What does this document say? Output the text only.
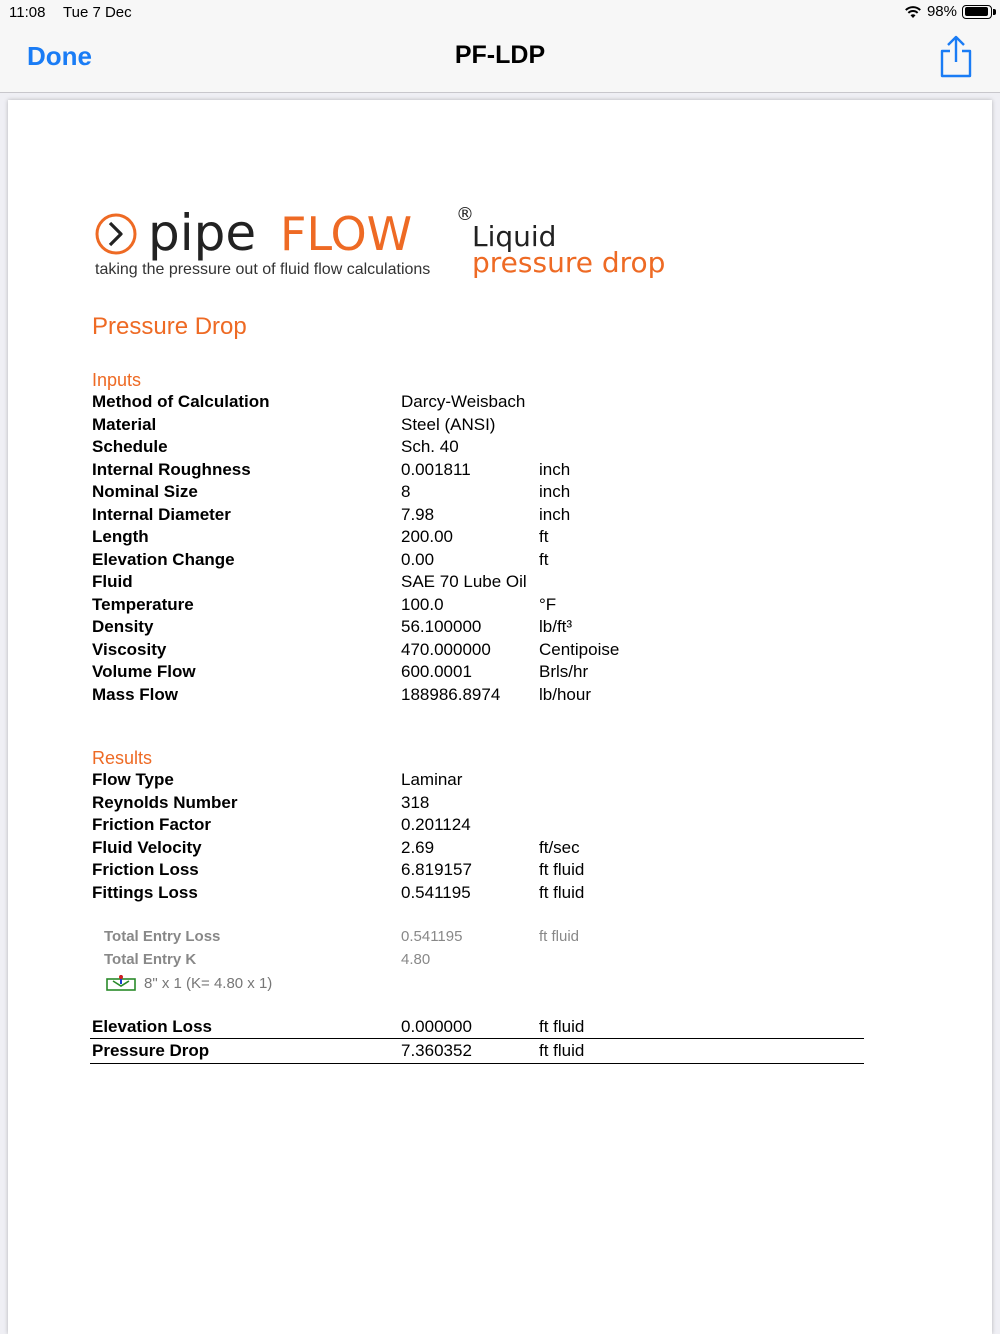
11:08 Tue 7 Dec	98%
Done	PF-LDP
pipe FLOW ®
Liquid
pressure drop
taking the pressure out of fluid flow calculations
Pressure Drop
Inputs
Method of Calculation	Darcy-Weisbach
Material	Steel (ANSI)
Schedule	Sch. 40
Internal Roughness	0.001811	inch
Nominal Size	8	inch
Internal Diameter	7.98	inch
Length	200.00	ft
Elevation Change	0.00	ft
Fluid	SAE 70 Lube Oil
Temperature	100.0	°F
Density	56.100000	lb/ft³
Viscosity	470.000000	Centipoise
Volume Flow	600.0001	Brls/hr
Mass Flow	188986.8974 lb/hour
Results
Flow Type	Laminar
Reynolds Number	318
Friction Factor	0.201124
Fluid Velocity	2.69	ft/sec
Friction Loss	6.819157	ft fluid
Fittings Loss	0.541195	ft fluid
Total Entry Loss	0.541195	ft fluid
Total Entry K	4.80
8" x 1 (K= 4.80 x 1)
Elevation Loss	0.000000	ft fluid
Pressure Drop	7.360352	ft fluid
